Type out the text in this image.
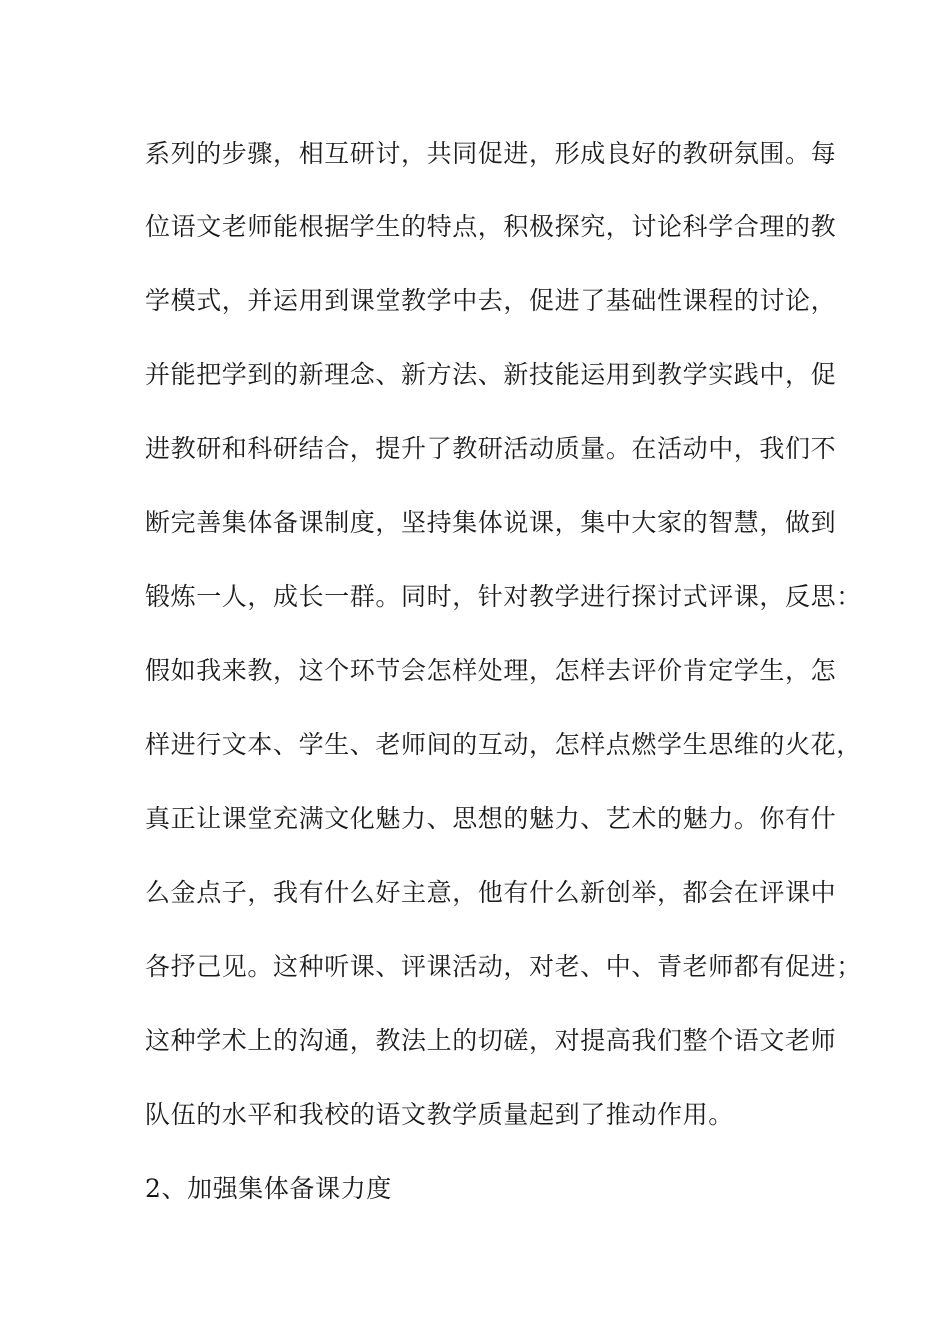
系列的步骤，相互研讨，共同促进，形成良好的教研氛围。每
位语文老师能根据学生的特点，积极探究，讨论科学合理的教
学模式，并运用到课堂教学中去，促进了基础性课程的讨论，
并能把学到的新理念、新方法、新技能运用到教学实践中，促
进教研和科研结合，提升了教研活动质量。在活动中，我们不
断完善集体备课制度，坚持集体说课，集中大家的智慧，做到
锻炼一人，成长一群。同时，针对教学进行探讨式评课，反思：
假如我来教，这个环节会怎样处理，怎样去评价肯定学生，怎
样进行文本、学生、老师间的互动，怎样点燃学生思维的火花，
真正让课堂充满文化魅力、思想的魅力、艺术的魅力。你有什
么金点子，我有什么好主意，他有什么新创举，都会在评课中
各抒己见。这种听课、评课活动，对老、中、青老师都有促进；
这种学术上的沟通，教法上的切磋，对提高我们整个语文老师
队伍的水平和我校的语文教学质量起到了推动作用。
2、加强集体备课力度
